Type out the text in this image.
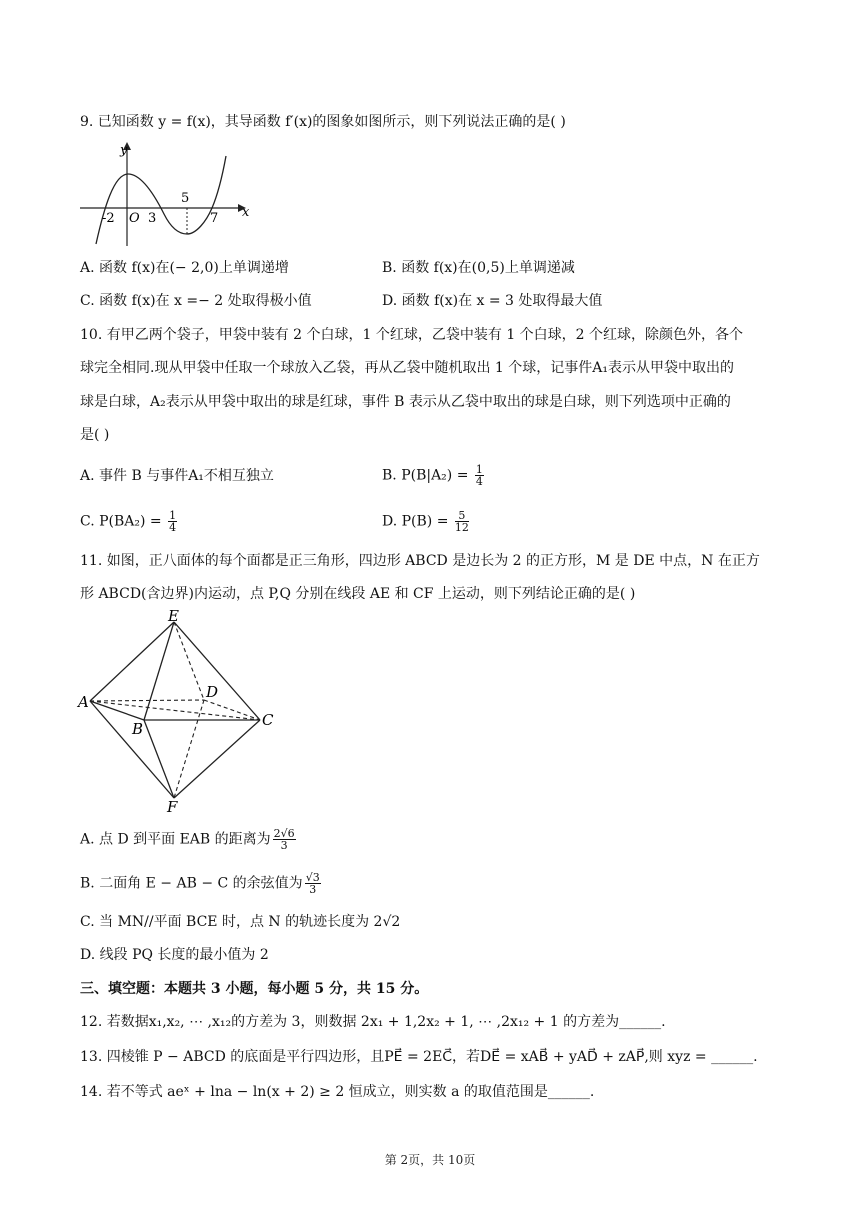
9. 已知函数 y = f(x)，其导函数 f′(x)的图象如图所示，则下列说法正确的是( )
y
x
-2 O 3
5
7
A. 函数 f(x)在(− 2,0)上单调递增	B. 函数 f(x)在(0,5)上单调递减
C. 函数 f(x)在 x =− 2 处取得极小值	D. 函数 f(x)在 x = 3 处取得最大值
10. 有甲乙两个袋子，甲袋中装有 2 个白球，1 个红球，乙袋中装有 1 个白球，2 个红球，除颜色外，各个
球完全相同.现从甲袋中任取一个球放入乙袋，再从乙袋中随机取出 1 个球，记事件A₁表示从甲袋中取出的
球是白球，A₂表示从甲袋中取出的球是红球，事件 B 表示从乙袋中取出的球是白球，则下列选项中正确的
是( )
A. 事件 B 与事件A₁不相互独立	B. $P(B|A_2) = \frac{1}{4}$
C. $P(BA_2) = \frac{1}{4}$	D. $P(B) = \frac{5}{12}$
11. 如图，正八面体的每个面都是正三角形，四边形 ABCD 是边长为 2 的正方形，M 是 DE 中点，N 在正方
形 ABCD(含边界)内运动，点 P,Q 分别在线段 AE 和 CF 上运动，则下列结论正确的是( )
E
A
D
B	C
F
A. 点 D 到平面 EAB 的距离为 $\frac{2√6}{3}$
B. 二面角 E − AB − C 的余弦值为 $\frac{√3}{3}$
C. 当 MN//平面 BCE 时，点 N 的轨迹长度为 2√2
D. 线段 PQ 长度的最小值为 2
三、填空题：本题共 3 小题，每小题 5 分，共 15 分。
12. 若数据x₁,x₂, ⋯ ,x₁₂的方差为 3，则数据 2x₁ + 1,2x₂ + 1, ⋯ ,2x₁₂ + 1 的方差为______.
13. 四棱锥 P − ABCD 的底面是平行四边形，且PE⃗ = 2EC⃗，若DE⃗ = xAB⃗ + yAD⃗ + zAP⃗,则 xyz = ______.
14. 若不等式 aeˣ + lna − ln(x + 2) ≥ 2 恒成立，则实数 a 的取值范围是______.
第 2页，共 10页
